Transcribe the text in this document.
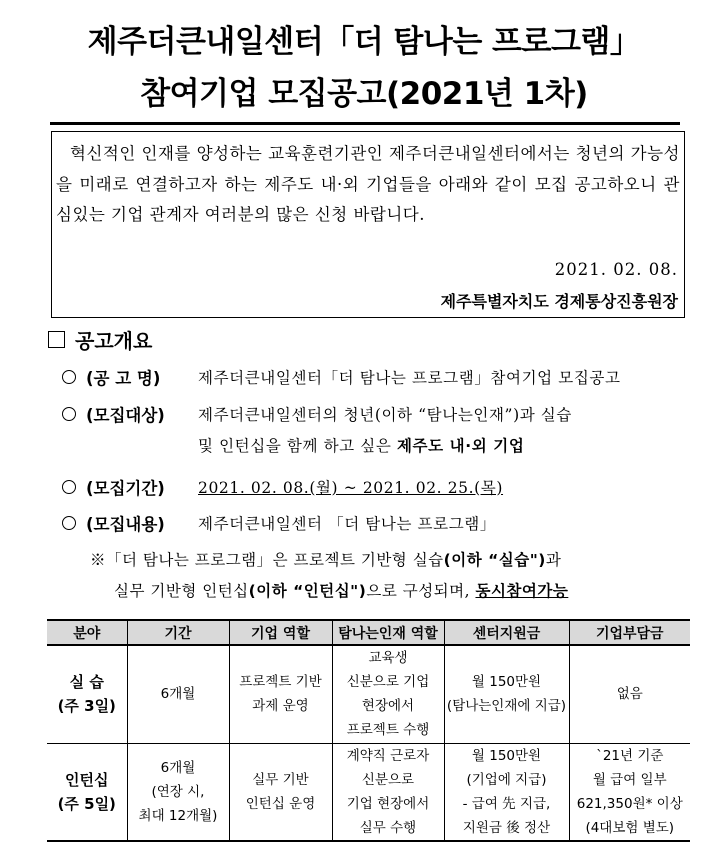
제주더큰내일센터「더 탐나는 프로그램」
참여기업 모집공고(2021년 1차)
혁신적인 인재를 양성하는 교육훈련기관인 제주더큰내일센터에서는 청년의 가능성을 미래로 연결하고자 하는 제주도 내·외 기업들을 아래와 같이 모집 공고하오니 관심있는 기업 관계자 여러분의 많은 신청 바랍니다.
2021. 02. 08.
제주특별자치도 경제통상진흥원장
공고개요
(공 고 명) 제주더큰내일센터「더 탐나는 프로그램」참여기업 모집공고
(모집대상) 제주더큰내일센터의 청년(이하 “탐나는인재”)과 실습
및 인턴십을 함께 하고 싶은 제주도 내·외 기업
(모집기간) 2021. 02. 08.(월) ~ 2021. 02. 25.(목)
(모집내용) 제주더큰내일센터 「더 탐나는 프로그램」
※「더 탐나는 프로그램」은 프로젝트 기반형 실습(이하 “실습")과
실무 기반형 인턴십(이하 “인턴십")으로 구성되며, 동시참여가능
분야	기간	기업 역할	탐나는인재 역할	센터지원금	기업부담금

실 습
(주 3일)	6개월	프로젝트 기반
과제 운영	교육생
신분으로 기업
현장에서
프로젝트 수행	월 150만원
(탐나는인재에 지급)	없음

인턴십
(주 5일)	6개월
(연장 시,
최대 12개월)	실무 기반
인턴십 운영	계약직 근로자
신분으로
기업 현장에서
실무 수행	월 150만원
(기업에 지급)
- 급여 先 지급,
지원금 後 정산	`21년 기준
월 급여 일부
621,350원* 이상
(4대보험 별도)
